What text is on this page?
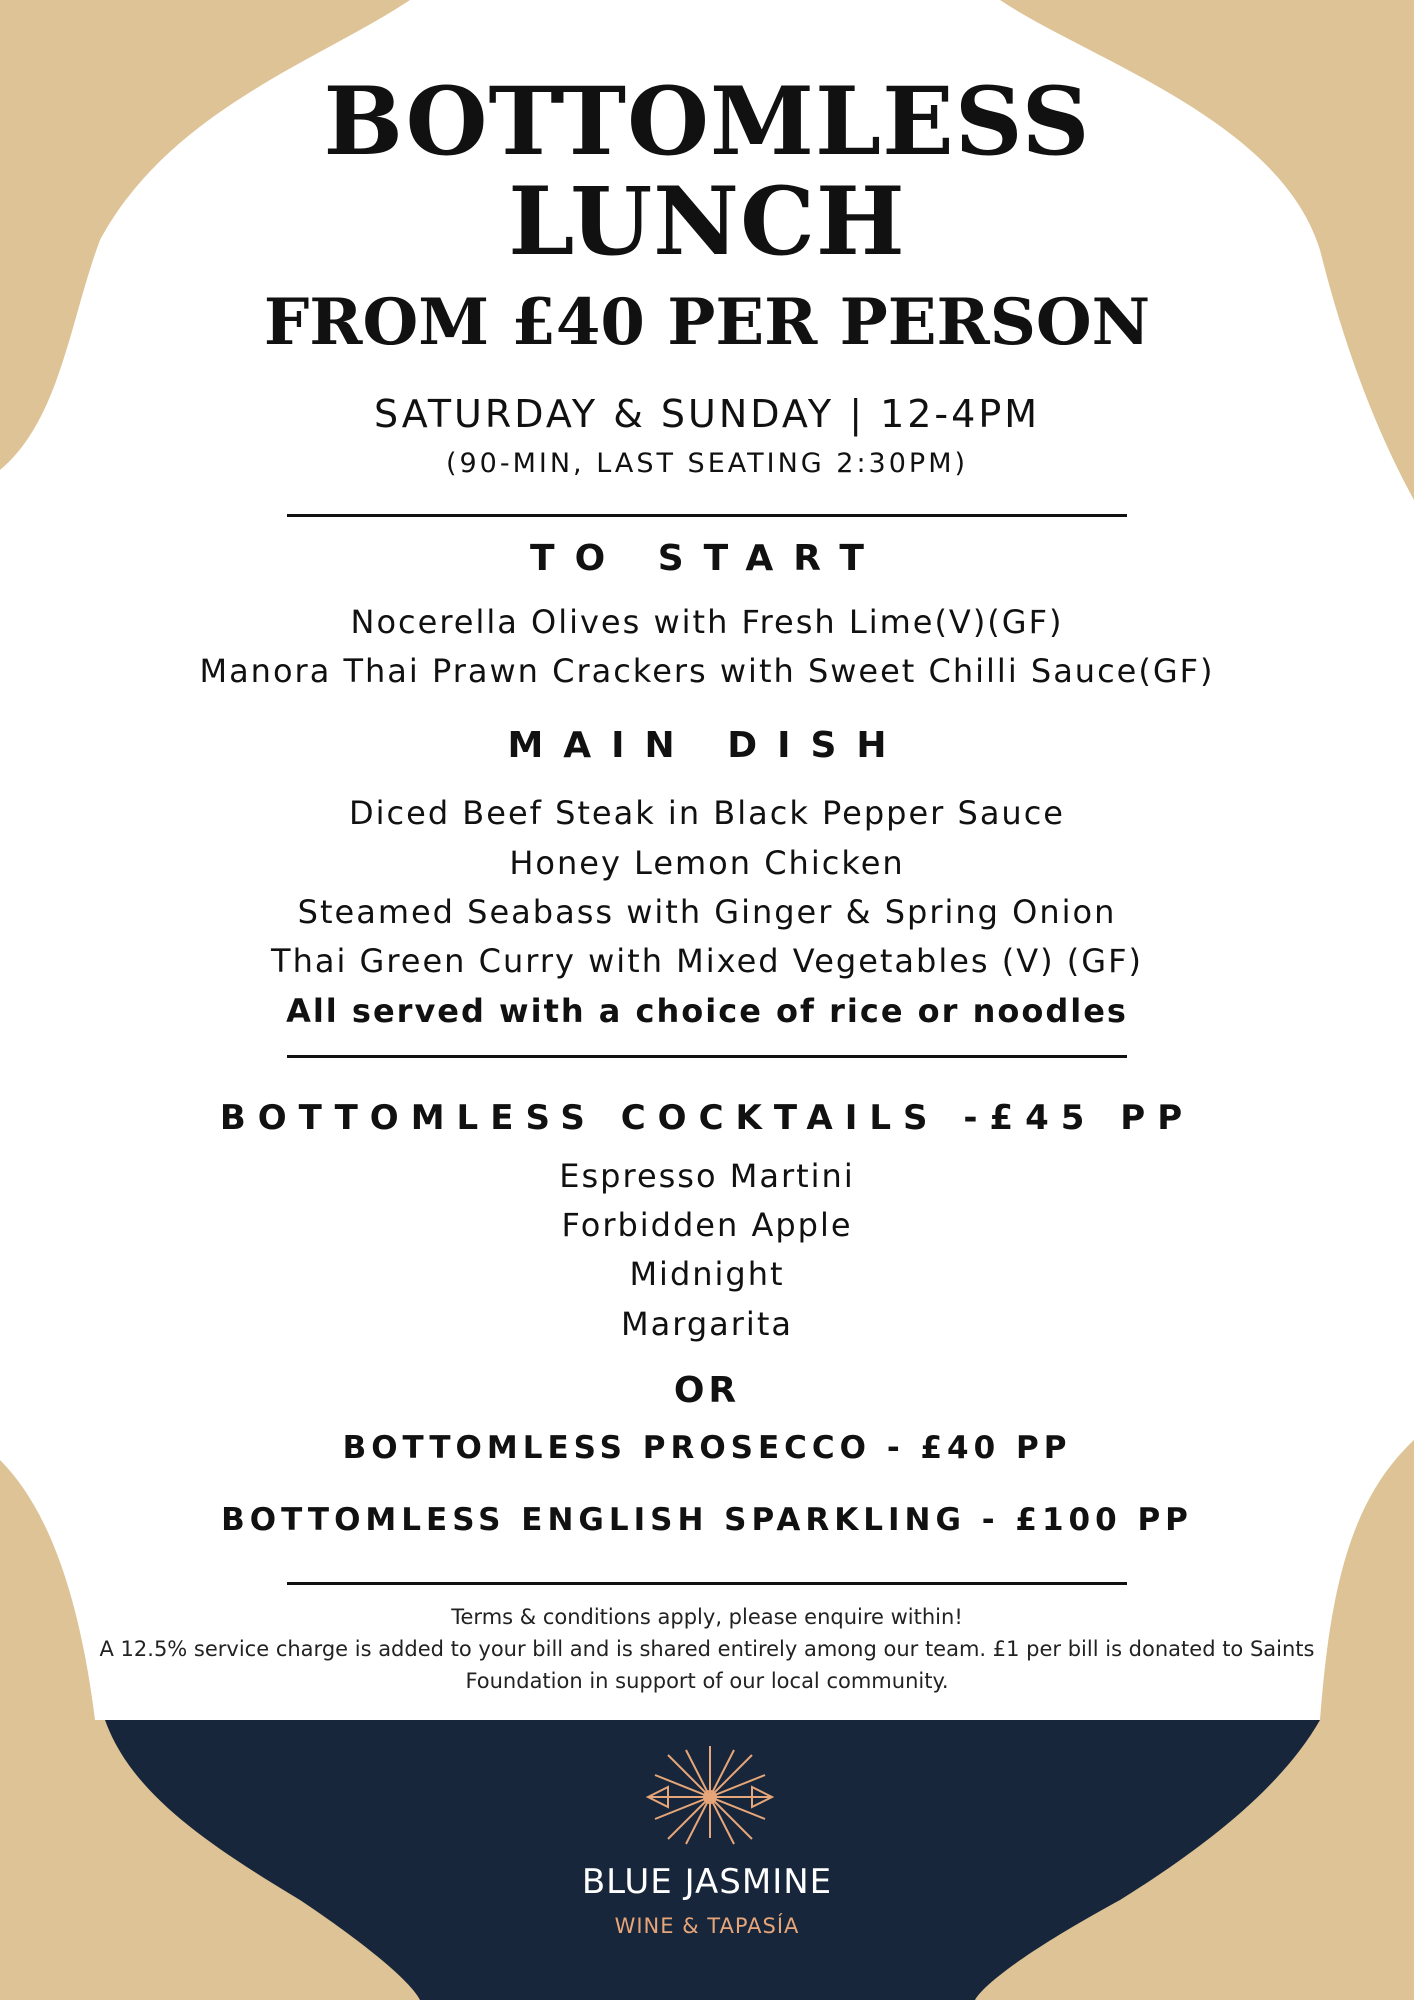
BOTTOMLESS
LUNCH
FROM £40 PER PERSON
SATURDAY & SUNDAY | 12-4PM
(90-MIN, LAST SEATING 2:30PM)
TO START
Nocerella Olives with Fresh Lime(V)(GF)
Manora Thai Prawn Crackers with Sweet Chilli Sauce(GF)
MAIN DISH
Diced Beef Steak in Black Pepper Sauce
Honey Lemon Chicken
Steamed Seabass with Ginger & Spring Onion
Thai Green Curry with Mixed Vegetables (V) (GF)
All served with a choice of rice or noodles
BOTTOMLESS COCKTAILS -£45 PP
Espresso Martini
Forbidden Apple
Midnight
Margarita
OR
BOTTOMLESS PROSECCO - £40 PP
BOTTOMLESS ENGLISH SPARKLING - £100 PP
Terms & conditions apply, please enquire within!
A 12.5% service charge is added to your bill and is shared entirely among our team. £1 per bill is donated to Saints
Foundation in support of our local community.
BLUE JASMINE
WINE & TAPASÍA
